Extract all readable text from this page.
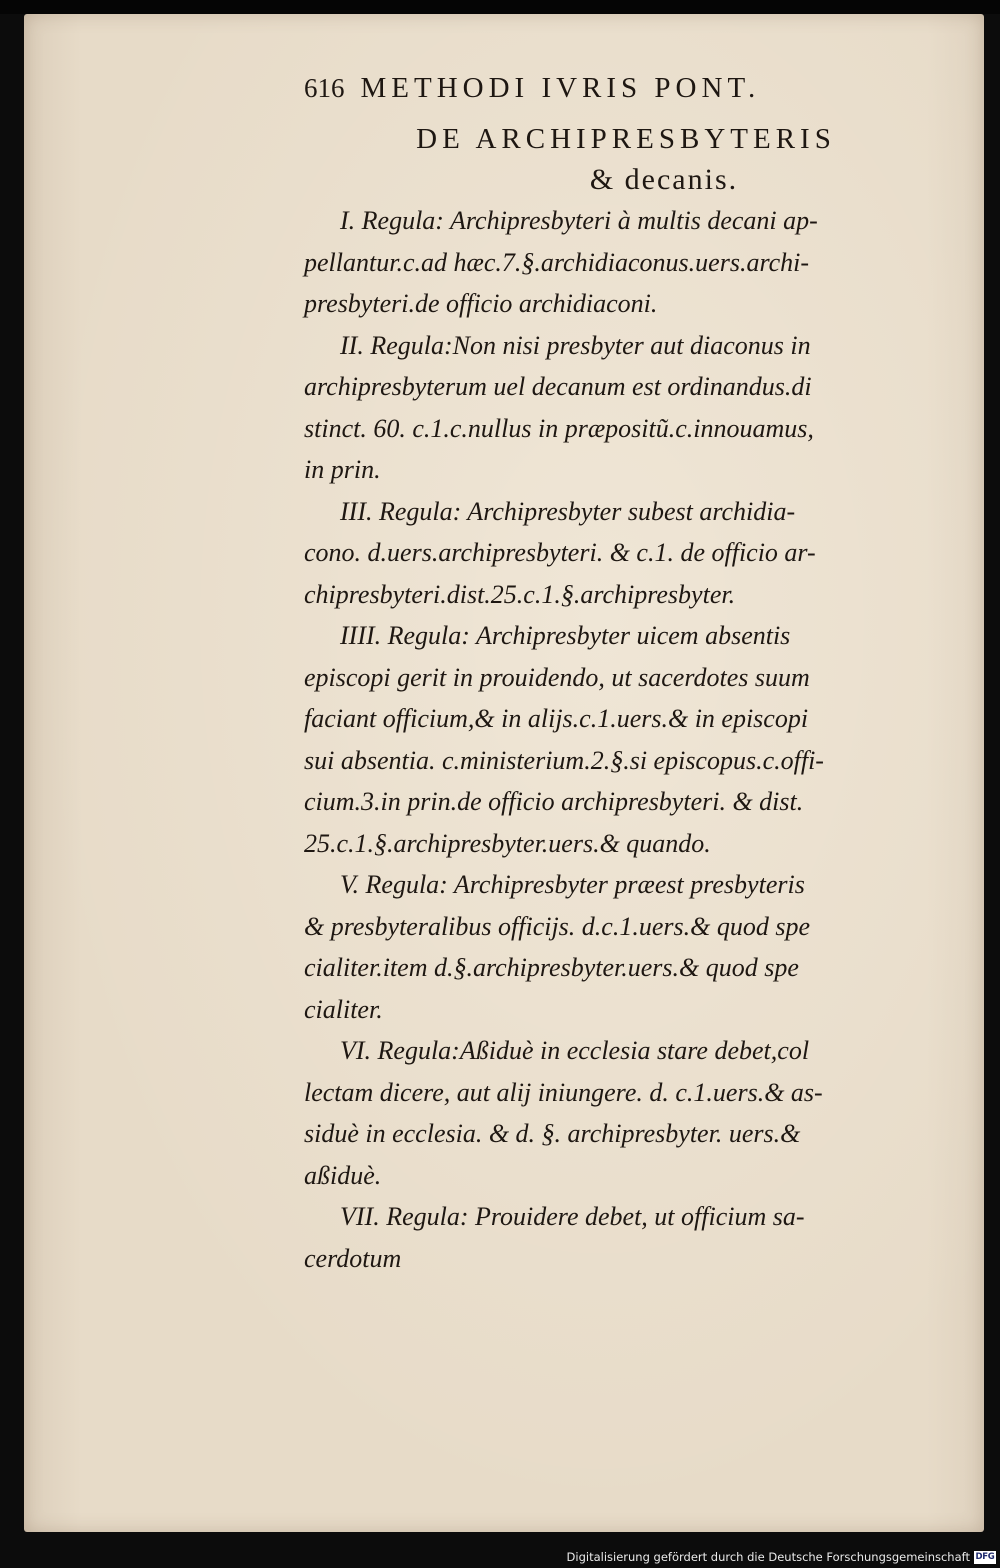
616 METHODI IVRIS PONT.
DE ARCHIPRESBYTERIS
& decanis.
I. Regula: Archipresbyteri à multis decani ap-
pellantur.c.ad hæc.7.§.archidiaconus.uers.archi-
presbyteri.de officio archidiaconi.
II. Regula:Non nisi presbyter aut diaconus in
archipresbyterum uel decanum est ordinandus.di
stinct. 60. c.1.c.nullus in præpositũ.c.innouamus,
in prin.
III. Regula: Archipresbyter subest archidia-
cono. d.uers.archipresbyteri. & c.1. de officio ar-
chipresbyteri.dist.25.c.1.§.archipresbyter.
IIII. Regula: Archipresbyter uicem absentis
episcopi gerit in prouidendo, ut sacerdotes suum
faciant officium,& in alijs.c.1.uers.& in episcopi
sui absentia. c.ministerium.2.§.si episcopus.c.offi-
cium.3.in prin.de officio archipresbyteri. & dist.
25.c.1.§.archipresbyter.uers.& quando.
V. Regula: Archipresbyter præest presbyteris
& presbyteralibus officijs. d.c.1.uers.& quod spe
cialiter.item d.§.archipresbyter.uers.& quod spe
cialiter.
VI. Regula:Aßiduè in ecclesia stare debet,col
lectam dicere, aut alij iniungere. d. c.1.uers.& as-
siduè in ecclesia. & d. §. archipresbyter. uers.&
aßiduè.
VII. Regula: Prouidere debet, ut officium sa-
cerdotum
Digitalisierung gefördert durch die Deutsche Forschungsgemeinschaft DFG
